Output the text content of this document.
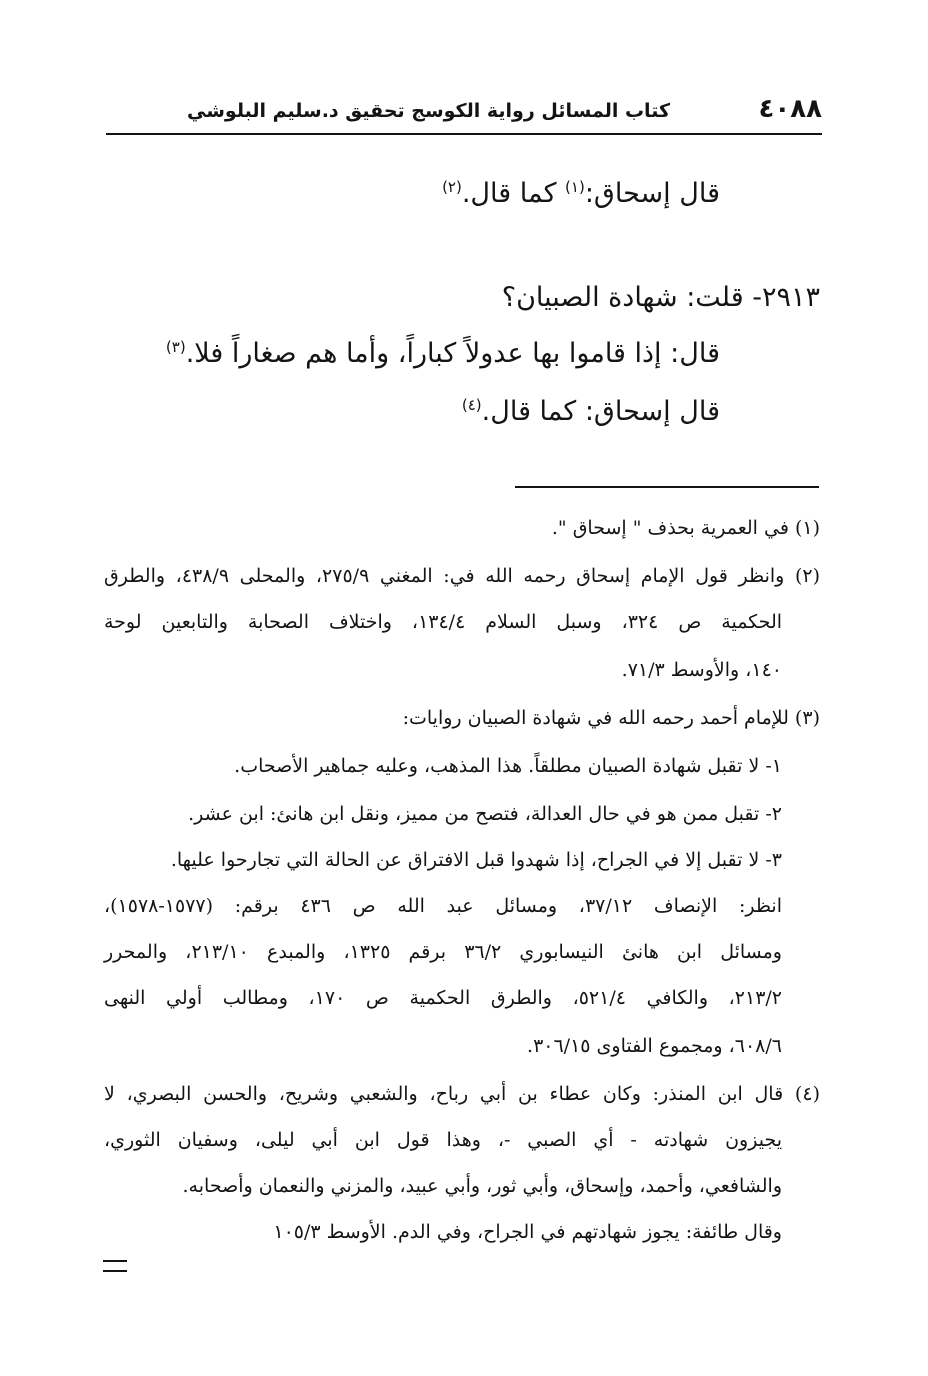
٤٠٨٨
كتاب المسائل رواية الكوسج تحقيق د.سليم البلوشي
قال إسحاق:$^{(١)}$ كما قال.$^{(٢)}$
٢٩١٣- قلت: شهادة الصبيان؟
قال: إذا قاموا بها عدولاً كباراً، وأما هم صغاراً فلا.$^{(٣)}$
قال إسحاق: كما قال.$^{(٤)}$
(١) في العمرية بحذف " إسحاق ".
(٢) وانظر قول الإمام إسحاق رحمه الله في: المغني ٢٧٥/٩، والمحلى ٤٣٨/٩، والطرق
الحكمية ص ٣٢٤، وسبل السلام ١٣٤/٤، واختلاف الصحابة والتابعين لوحة
١٤٠، والأوسط ٧١/٣.
(٣) للإمام أحمد رحمه الله في شهادة الصبيان روايات:
١- لا تقبل شهادة الصبيان مطلقاً. هذا المذهب، وعليه جماهير الأصحاب.
٢- تقبل ممن هو في حال العدالة، فتصح من مميز، ونقل ابن هانئ: ابن عشر.
٣- لا تقبل إلا في الجراح، إذا شهدوا قبل الافتراق عن الحالة التي تجارحوا عليها.
انظر: الإنصاف ٣٧/١٢، ومسائل عبد الله ص ٤٣٦ برقم: (١٥٧٧-١٥٧٨)،
ومسائل ابن هانئ النيسابوري ٣٦/٢ برقم ١٣٢٥، والمبدع ٢١٣/١٠، والمحرر
٢١٣/٢، والكافي ٥٢١/٤، والطرق الحكمية ص ١٧٠، ومطالب أولي النهى
٦٠٨/٦، ومجموع الفتاوى ٣٠٦/١٥.
(٤) قال ابن المنذر: وكان عطاء بن أبي رباح، والشعبي وشريح، والحسن البصري، لا
يجيزون شهادته - أي الصبي -، وهذا قول ابن أبي ليلى، وسفيان الثوري،
والشافعي، وأحمد، وإسحاق، وأبي ثور، وأبي عبيد، والمزني والنعمان وأصحابه.
وقال طائفة: يجوز شهادتهم في الجراح، وفي الدم. الأوسط ١٠٥/٣
